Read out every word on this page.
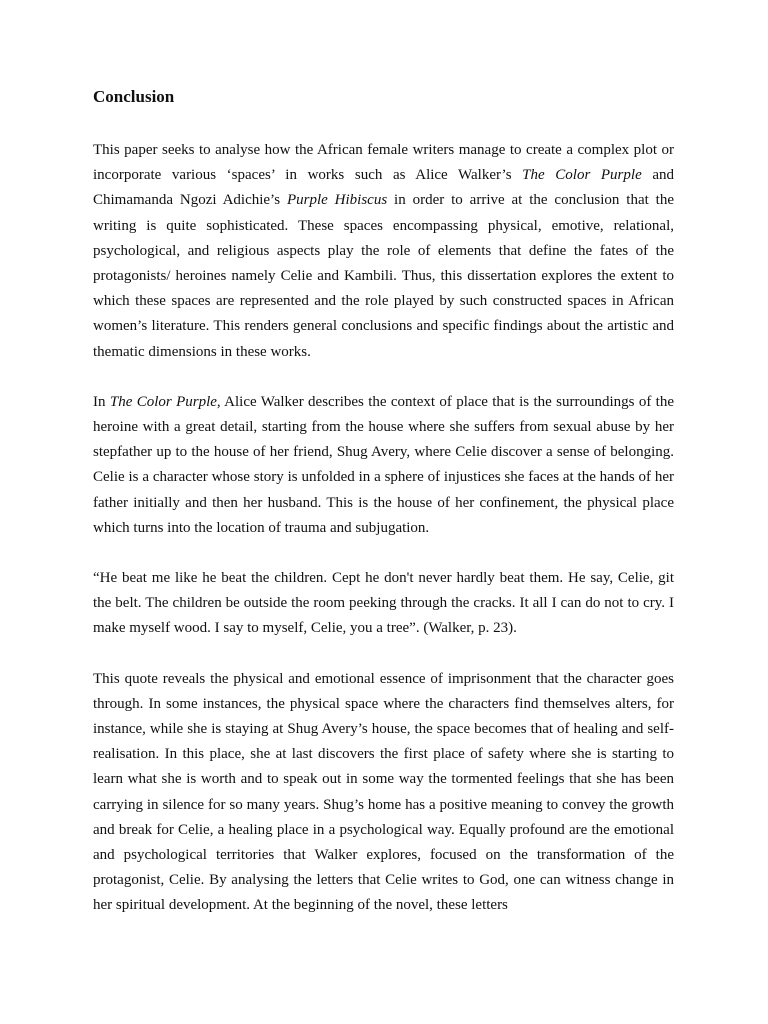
Conclusion

This paper seeks to analyse how the African female writers manage to create a complex plot or incorporate various ‘spaces’ in works such as Alice Walker’s The Color Purple and Chimamanda Ngozi Adichie’s Purple Hibiscus in order to arrive at the conclusion that the writing is quite sophisticated. These spaces encompassing physical, emotive, relational, psychological, and religious aspects play the role of elements that define the fates of the protagonists/ heroines namely Celie and Kambili. Thus, this dissertation explores the extent to which these spaces are represented and the role played by such constructed spaces in African women’s literature. This renders general conclusions and specific findings about the artistic and thematic dimensions in these works.

In The Color Purple, Alice Walker describes the context of place that is the surroundings of the heroine with a great detail, starting from the house where she suffers from sexual abuse by her stepfather up to the house of her friend, Shug Avery, where Celie discover a sense of belonging. Celie is a character whose story is unfolded in a sphere of injustices she faces at the hands of her father initially and then her husband. This is the house of her confinement, the physical place which turns into the location of trauma and subjugation.

“He beat me like he beat the children. Cept he don't never hardly beat them. He say, Celie, git the belt. The children be outside the room peeking through the cracks. It all I can do not to cry. I make myself wood. I say to myself, Celie, you a tree”. (Walker, p. 23).

This quote reveals the physical and emotional essence of imprisonment that the character goes through. In some instances, the physical space where the characters find themselves alters, for instance, while she is staying at Shug Avery’s house, the space becomes that of healing and self-realisation. In this place, she at last discovers the first place of safety where she is starting to learn what she is worth and to speak out in some way the tormented feelings that she has been carrying in silence for so many years. Shug’s home has a positive meaning to convey the growth and break for Celie, a healing place in a psychological way. Equally profound are the emotional and psychological territories that Walker explores, focused on the transformation of the protagonist, Celie. By analysing the letters that Celie writes to God, one can witness change in her spiritual development. At the beginning of the novel, these letters
